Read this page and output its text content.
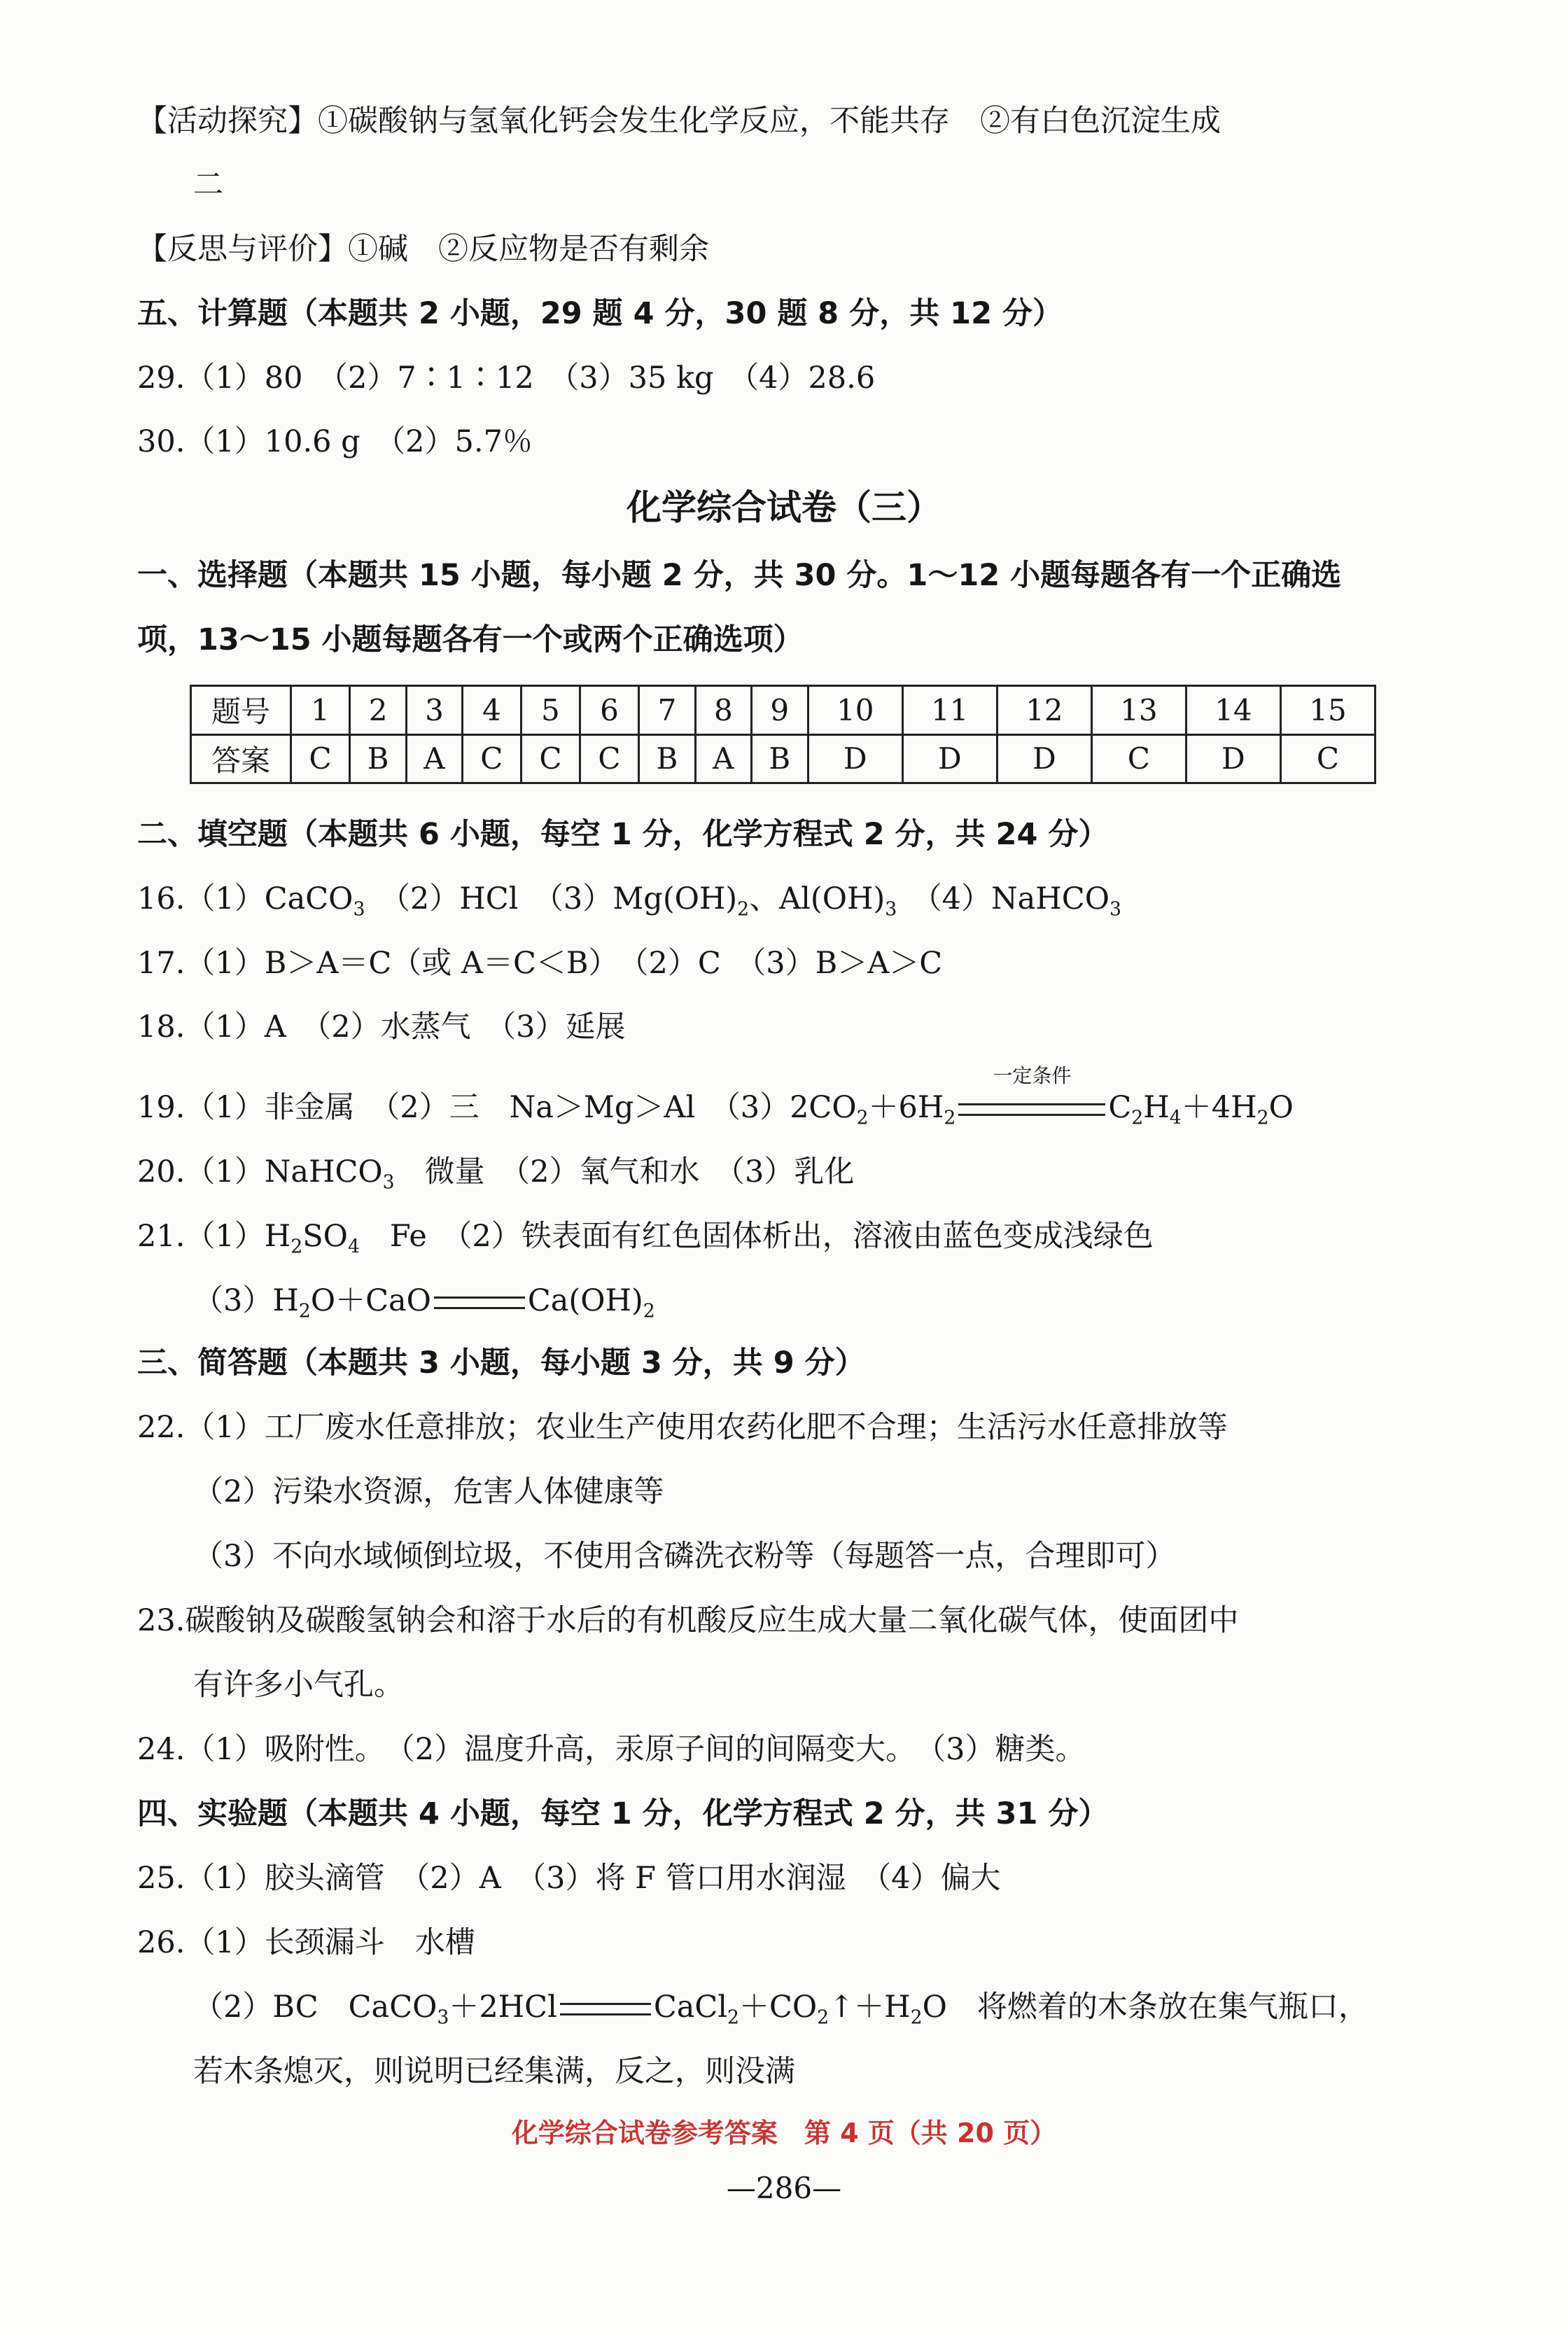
【活动探究】①碳酸钠与氢氧化钙会发生化学反应，不能共存　②有白色沉淀生成
二
【反思与评价】①碱　②反应物是否有剩余
五、计算题（本题共 2 小题，29 题 4 分，30 题 8 分，共 12 分）
29.（1）80　（2）7∶1∶12　（3）35 kg　（4）28.6
30.（1）10.6 g　（2）5.7％
化学综合试卷（三）
一、选择题（本题共 15 小题，每小题 2 分，共 30 分。1～12 小题每题各有一个正确选
项，13～15 小题每题各有一个或两个正确选项）
题号	1	2	3	4	5	6	7	8	9	10	11	12	13	14	15
答案	C	B	A	C	C	C	B	A	B	D	D	D	C	D	C
二、填空题（本题共 6 小题，每空 1 分，化学方程式 2 分，共 24 分）
16.（1）CaCO$_3$　（2）HCl　$(3)Mg(OH)_2$、$Al(OH)_3$　（4）NaHCO$_3$
17.（1）B＞A＝C（或 A＝C＜B）　（2）C　（3）B＞A＞C
18.（1）A　（2）水蒸气　（3）延展
19.（1）非金属　（2）三　Na＞Mg＞Al　$(3)2CO_2+6H_2$
一定条件
$C_2H_4+4H_2O$
20.（1）NaHCO$_3$　微量　（2）氧气和水　（3）乳化
$21.(1)H_2SO_4$　Fe　（2）铁表面有红色固体析出，溶液由蓝色变成浅绿色
$(3)H_2O+CaO$	$Ca(OH)_2$
三、简答题（本题共 3 小题，每小题 3 分，共 9 分）
22.（1）工厂废水任意排放；农业生产使用农药化肥不合理；生活污水任意排放等
（2）污染水资源，危害人体健康等
（3）不向水域倾倒垃圾，不使用含磷洗衣粉等（每题答一点，合理即可）
23.碳酸钠及碳酸氢钠会和溶于水后的有机酸反应生成大量二氧化碳气体，使面团中
有许多小气孔。
24.（1）吸附性。　（2）温度升高，汞原子间的间隔变大。　（3）糖类。
四、实验题（本题共 4 小题，每空 1 分，化学方程式 2 分，共 31 分）
25.（1）胶头滴管　（2）A　（3）将 F 管口用水润湿　（4）偏大
26.（1）长颈漏斗　水槽
（2）BC　CaCO$_3$＋2HCl	$CaCl_2+CO_2↑+H_2O$　将燃着的木条放在集气瓶口，
若木条熄灭，则说明已经集满，反之，则没满
化学综合试卷参考答案　第 4 页（共 20 页）
—286—
